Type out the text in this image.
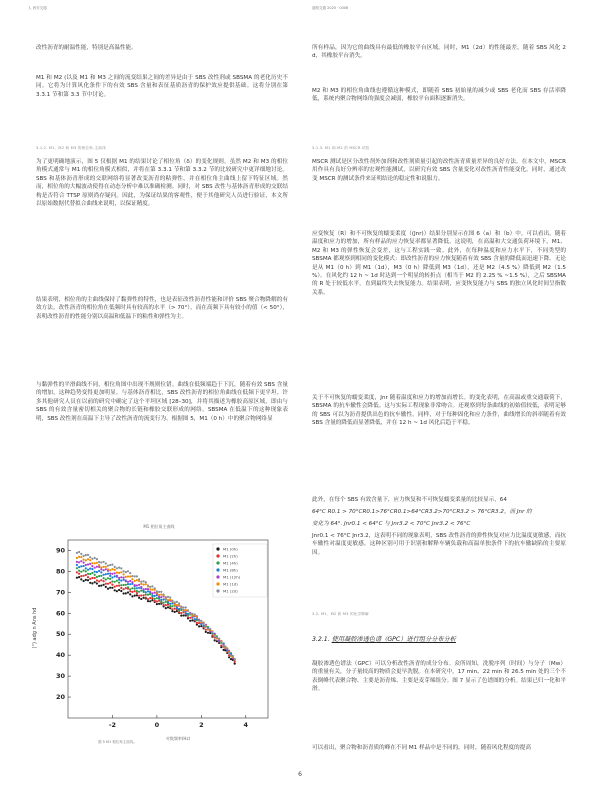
人 西安交通	道路交通 2020 · 0006
改性沥青的耐温性能，特别是高温性能。
M1 和 M2 (以及 M1 和 M3 之间的流变结果之间的差异是由于 SBS 改性剂或 SBSMA 的老化历史不同。它将为计算风化条件下的有效 SBS 含量和表征基质沥青的保护效应提供基础。这将分别在第 3.3.1 节和第 3.3 节中讨论。
3.1.2. M1、M2 和 M3 的相位角-主曲线
为了更明确地演示，图 5 仅根据 M1 的结果讨论了相位角（δ）的变化规则。虽然 M2 和 M3 的相位角模式通常与 M1 的相位角模式相似，并将在第 3.3.1 节和第 3.3.2 节的比较研究中更详细地讨论。SBS 和基体沥青形成的交联网络将显著改变沥青的粘弹性，并在相位角主曲线上留下特征区域。然而，相位角的大幅波动使得在动态分析中难以准确检测。同时，对 SBS 改性与基体沥青形成的交联结构是否符合 TTSP 原则尚存疑问。因此，为保证结果的客观性，便于其他研究人员进行验证，本文所以原始数据代替拟合曲线来说明，以保证精度。
结果表明，相位角的主曲线保持了黏弹性的特性，也是表征改性沥青性能和评价 SBS 聚合物降解的有效方法。改性沥青的相位角在低频时具有较高的水平（> 70°），而在高频下具有较小的值（< 50°），表明改性沥青的性能分别以高温和低温下的粘性和弹性为主。
与黏弹性的平滑曲线不同，相位角图中出现不规则位错。曲线在低频端趋于下沉，随着有效 SBS 含量的增加，这种趋势变得更加明显。与基体沥青相比，SBS 改性沥青的相位角曲线在低频下更平坦。许多其他研究人员在以前的研究中确定了这个平坦区域 [28–30]，并将其描述为橡胶高原区域，即由与 SBS 的有效含量密切相关的聚合物的长链和橡胶交联形成的网络。SBSMA 在低温下的这种现象表明，SBS 改性剂在高温下主导了改性沥青的流变行为。根据图 5，M1（0 h）中的聚合物网络显
M1 相位角主曲线
(°) adg n Ans hd
对数频率(Hz)
20
30
40
50
60
70
80
90
-2	0	2	4
M1 (0h)
M1 (2h)
M1 (4h)
M1 (8h)
M1 (12h)
M1 (1d)
M1 (2d)
图 5 M1 相位角主曲线。
所有样品，因为它的曲线具有最低的橡胶平台区域。同时，M1（2d）的性能最差，随着 SBS 风化 2 d，其橡胶平台消失。
M2 和 M3 的相位角曲线也遵循这种模式，即随着 SBS 初始量的减少或 SBS 老化而 SBS 存活率降低，系统内聚合物网络的强度会减弱，橡胶平台面积逐渐消失。
3.1.3. M1 和 M2 的 MSCR 试验
MSCR 测试是区分改性剂外加剂和改性剂质量引起的改性沥青质量差异的良好方法。在本文中，MSCR 用作具有良好分辨率的宏观性能测试，以研究有效 SBS 含量变化对改性沥青性能变化。同时，通过改变 MSCR 的测试条件来证明结论的稳定性和说服力。
应变恢复（R）和不可恢复的蠕变柔度（(Jnr)）结果分别显示在图 6（a）和（b）中。可以看出，随着温度和应力的增加，所有样品的应力恢复率都显著降低。这说明，在高温和大交通负荷环境下，M1、M2 和 M3 的弹性恢复会变差，这与工程实践一致。此外，在每种温度和应力水平下，不同类型的 SBSMA 都观察到相同的变化模式：即改性沥青的应力恢复随着有效 SBS 含量的降低而迅速下降。无论是从 M1（0 h）到 M1（1d），M3（0 h）降低到 M3（1d），还是 M2（4.5 %）降低到 M2（1.5 %）。在风化约 12 h ~ 1d 时达到一个明显的转折点（相当于 M2 的 2.25 % ~1.5 %），之后 SBSMA 的 R 处于较低水平，直到最终失去恢复能力。结果表明，应变恢复能力与 SBS 的独立风化时间呈指数关系。
关于不可恢复的蠕变柔度，Jnr 随着温度和应力的增加而增长。的变化表明，在高温或重交通载荷下，SBSMA 的抗车辙性会降低。这与实际工程现象非常吻合。还观察到每条曲线的初始值较低，表明足够的 SBS 可以为沥青提供出色的抗车辙性。同样，对于每种固化和应力条件，曲线增长的斜率随着有效 SBS 含量的降低而显著降低，并在 12 h ~ 1d 风化后趋于平稳。
此外，在每个 SBS 有效含量下，应力恢复和不可恢复蠕变柔量的比较显示，64
64°C R0.1 > 70°CR0.1>76°CR0.1>64°CR3.2>70°CR3.2 > 76°CR3.2，而 Jnr 的
变化为 64°. Jnr0.1 < 64°C 与 Jnr3.2 < 70°C Jnr3.2 < 76°C
Jnr0.1 < 76°C Jnr3.2，这表明不同的现象表明，SBS 改性沥青的弹性恢复对应力比温度更敏感，而抗车辙性对温度更敏感。这种区别可用于识别和解释车辆负载和高温单独条件下的抗车辙缺陷的主要原因。
3.2. M1、M2 和 M3 的化学降解
3.2.1. 使用凝胶渗透色谱（GPC）进行组分分布分析
凝胶渗透色谱法（GPC）可以分析改性沥青的成分分布。众所周知，洗脱序列（时间）与分子（Mw）的重量有关，分子量较高的物质会更早洗脱。在本研究中，17 min、22 min 和 26.5 min 处的三个不表倒峰代表聚合物、主要是沥青烯、主要是麦芽烯组分。图 7 显示了色谱图的分析。结果已归一化和平滑。
可以看出，聚合物和沥青质的峰在不同 M1 样品中是不同的。同时，随着风化程度的提高
6
